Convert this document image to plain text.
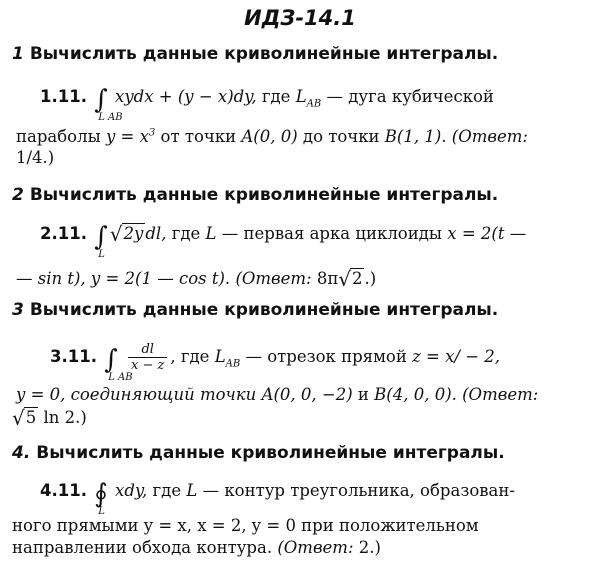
ИДЗ-14.1
1 Вычислить данные криволинейные интегралы.
1.11. ∫
L AB
xydx + (y − x)dy, где $L_{AB}$ — дуга кубической
параболы $y = x^3$ от точки A(0, 0) до точки B(1, 1). (Ответ:
1/4.)
2 Вычислить данные криволинейные интегралы.
2.11. ∫
L
√2y dl, где L — первая арка циклоиды x = 2(t —
— sin t), y = 2(1 — cos t). (Ответ: 8π√2 .)
3 Вычислить данные криволинейные интегралы.
3.11. ∫
L AB

$\frac{dl}{x - z}$ , где $L_{AB}$ — отрезок прямой z = x/ − 2,
y = 0, соединяющий точки A(0, 0, −2) и B(4, 0, 0). (Ответ:
√5 ln 2.)
4. Вычислить данные криволинейные интегралы.
4.11. ∮
L
xdy, где L — контур треугольника, образован-
ного прямыми y = x, x = 2, y = 0 при положительном
направлении обхода контура. (Ответ: 2.)
